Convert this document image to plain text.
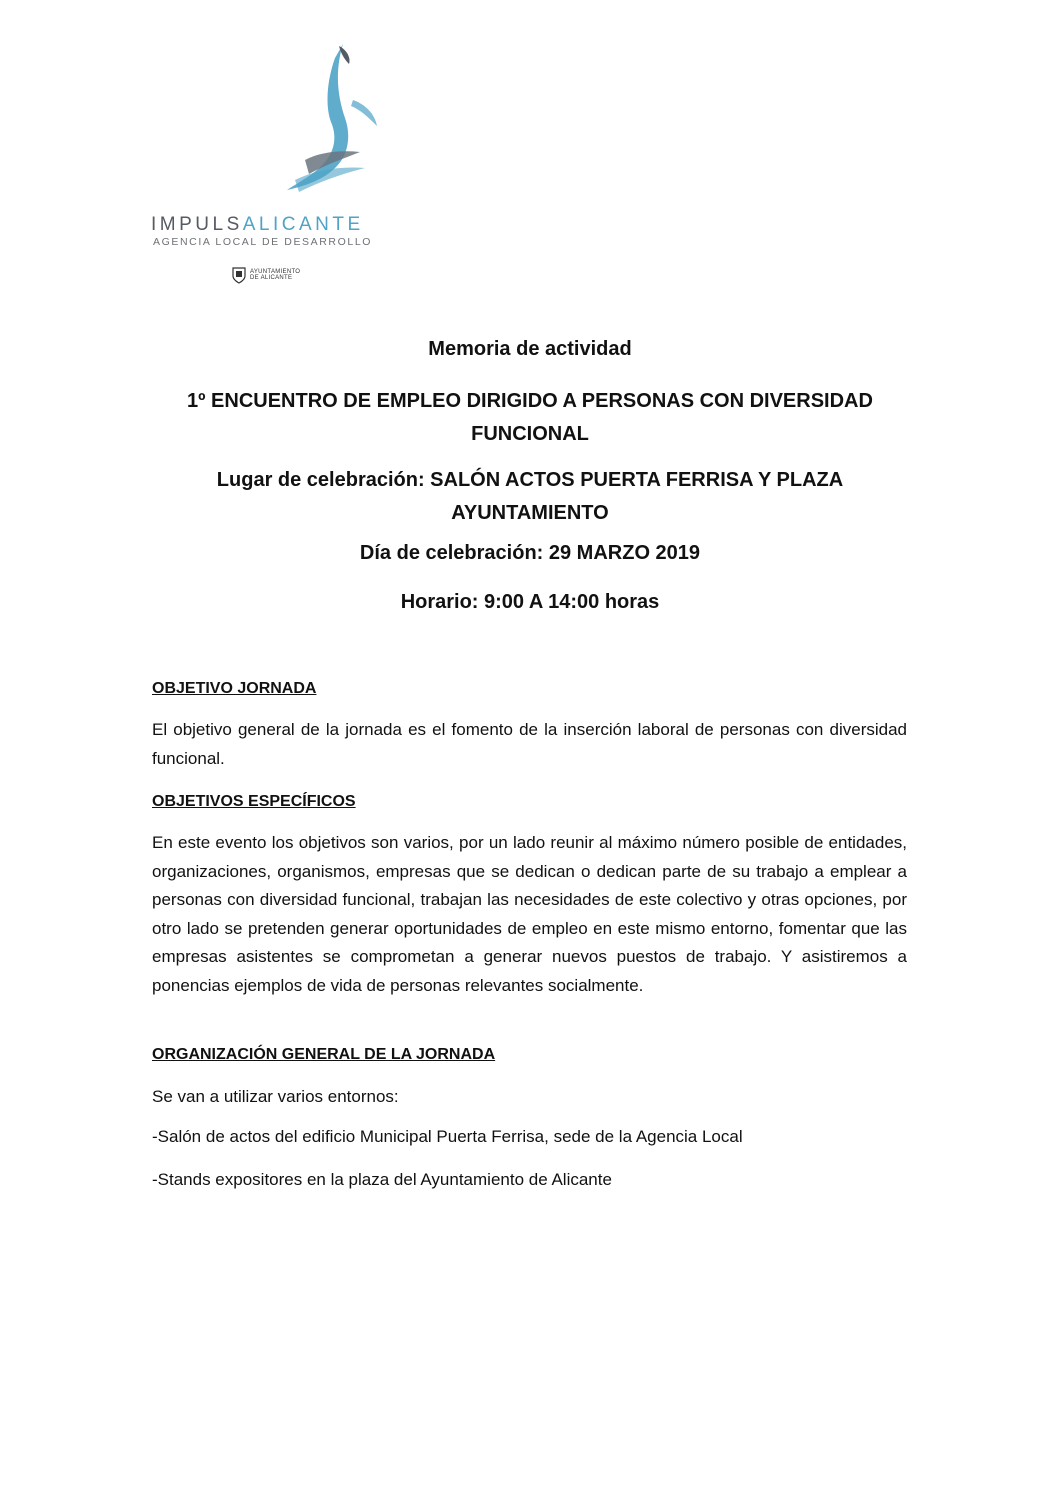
IMPULSALICANTE
AGENCIA LOCAL DE DESARROLLO
AYUNTAMIENTO DE ALICANTE
Memoria de actividad
1º ENCUENTRO DE EMPLEO DIRIGIDO A PERSONAS CON DIVERSIDAD
FUNCIONAL
Lugar de celebración: SALÓN ACTOS PUERTA FERRISA Y PLAZA
AYUNTAMIENTO
Día de celebración: 29 MARZO 2019
Horario: 9:00 A 14:00 horas
OBJETIVO JORNADA
El objetivo general de la jornada es el fomento de la inserción laboral de personas con diversidad funcional.
OBJETIVOS ESPECÍFICOS
En este evento los objetivos son varios, por un lado reunir al máximo número posible de entidades, organizaciones, organismos, empresas que se dedican o dedican parte de su trabajo a emplear a personas con diversidad funcional, trabajan las necesidades de este colectivo y otras opciones, por otro lado se pretenden generar oportunidades de empleo en este mismo entorno, fomentar que las empresas asistentes se comprometan a generar nuevos puestos de trabajo. Y asistiremos a ponencias ejemplos de vida de personas relevantes socialmente.
ORGANIZACIÓN GENERAL DE LA JORNADA
Se van a utilizar varios entornos:
-Salón de actos del edificio Municipal Puerta Ferrisa, sede de la Agencia Local
-Stands expositores en la plaza del Ayuntamiento de Alicante
